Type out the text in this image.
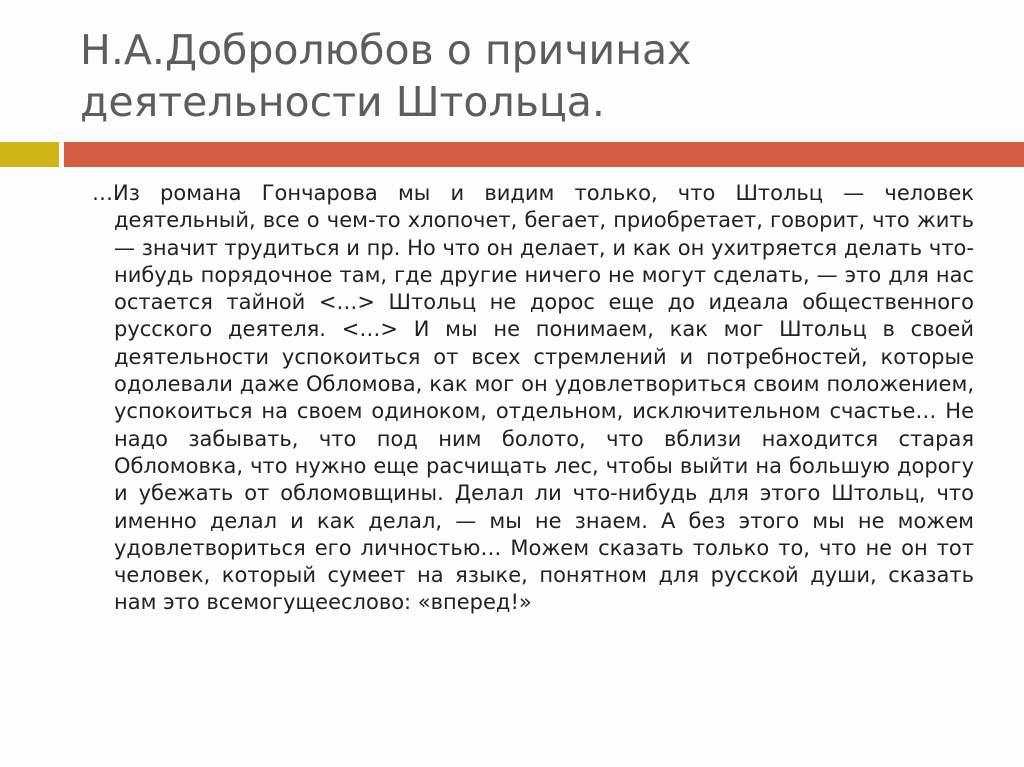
Н.А.Добролюбов о причинах деятельности Штольца.

…Из романа Гончарова мы и видим только, что Штольц — человек деятельный, все о чем-то хлопочет, бегает, приобретает, говорит, что жить — значит трудиться и пр. Но что он делает, и как он ухитряется делать что-нибудь порядочное там, где другие ничего не могут сделать, — это для нас остается тайной <…> Штольц не дорос еще до идеала общественного русского деятеля. <…> И мы не понимаем, как мог Штольц в своей деятельности успокоиться от всех стремлений и потребностей, которые одолевали даже Обломова, как мог он удовлетвориться своим положением, успокоиться на своем одиноком, отдельном, исключительном счастье… Не надо забывать, что под ним болото, что вблизи находится старая Обломовка, что нужно еще расчищать лес, чтобы выйти на большую дорогу и убежать от обломовщины. Делал ли что-нибудь для этого Штольц, что именно делал и как делал, — мы не знаем. А без этого мы не можем удовлетвориться его личностью… Можем сказать только то, что не он тот человек, который сумеет на языке, понятном для русской души, сказать нам это всемогущееслово: «вперед!»
